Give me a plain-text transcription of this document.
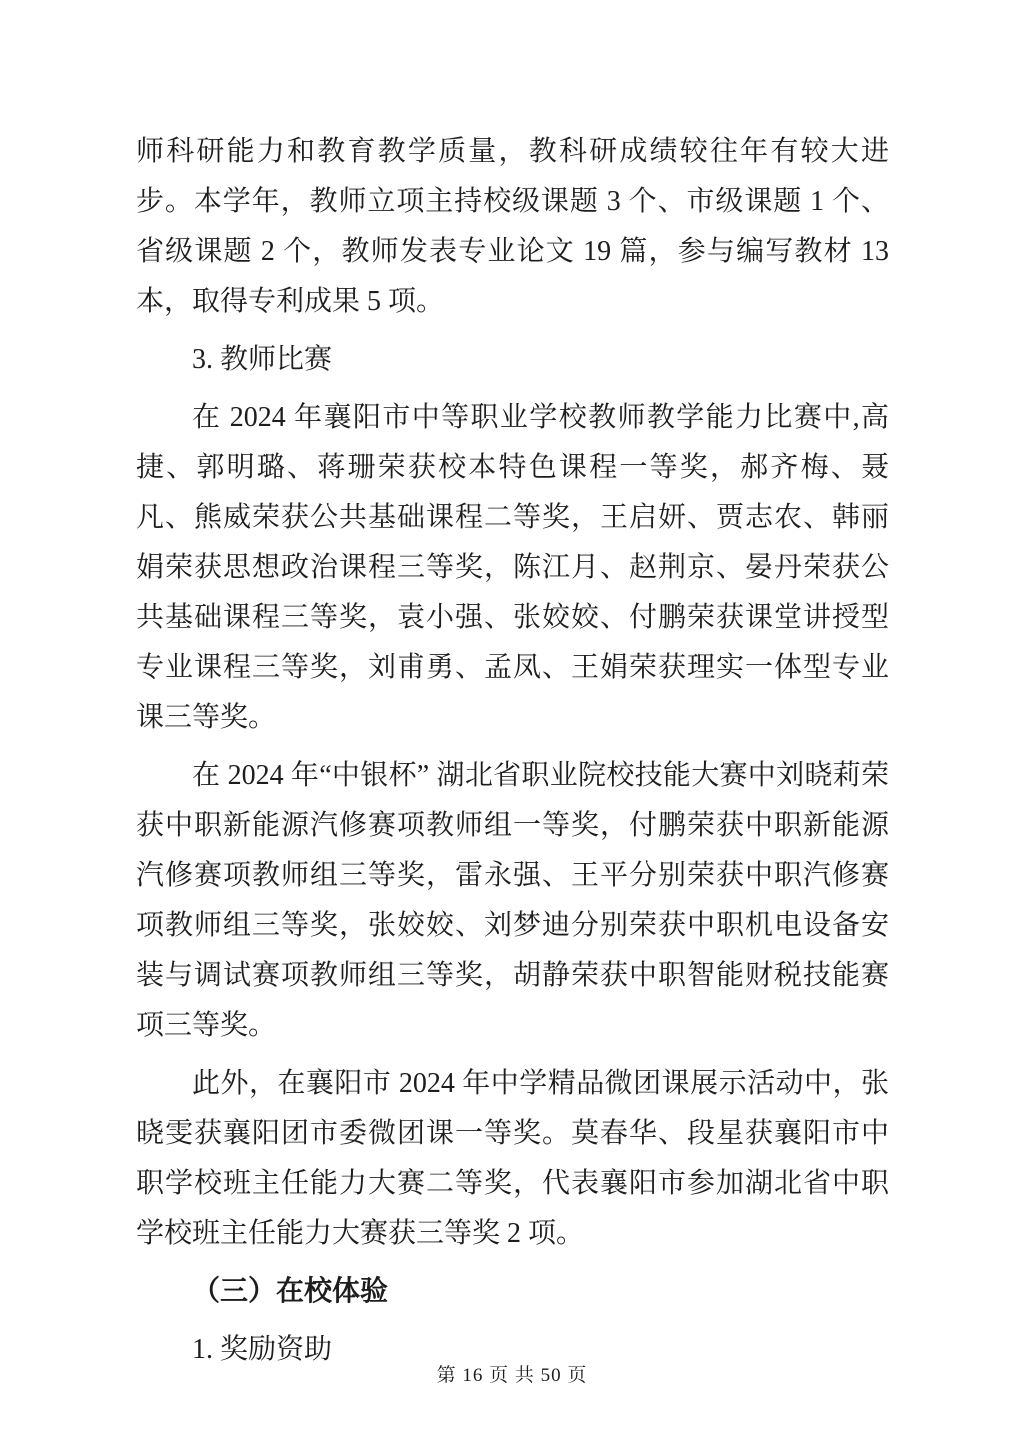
师科研能力和教育教学质量，教科研成绩较往年有较大进步。本学年，教师立项主持校级课题 3 个、市级课题 1 个、省级课题 2 个，教师发表专业论文 19 篇，参与编写教材 13 本，取得专利成果 5 项。

3. 教师比赛

在 2024 年襄阳市中等职业学校教师教学能力比赛中,高捷、郭明璐、蒋珊荣获校本特色课程一等奖，郝齐梅、聂凡、熊威荣获公共基础课程二等奖，王启妍、贾志农、韩丽娟荣获思想政治课程三等奖，陈江月、赵荆京、晏丹荣获公共基础课程三等奖，袁小强、张姣姣、付鹏荣获课堂讲授型专业课程三等奖，刘甫勇、孟凤、王娟荣获理实一体型专业课三等奖。

在 2024 年“中银杯” 湖北省职业院校技能大赛中刘晓莉荣获中职新能源汽修赛项教师组一等奖，付鹏荣获中职新能源汽修赛项教师组三等奖，雷永强、王平分别荣获中职汽修赛项教师组三等奖，张姣姣、刘梦迪分别荣获中职机电设备安装与调试赛项教师组三等奖，胡静荣获中职智能财税技能赛项三等奖。

此外，在襄阳市 2024 年中学精品微团课展示活动中，张晓雯获襄阳团市委微团课一等奖。莫春华、段星获襄阳市中职学校班主任能力大赛二等奖，代表襄阳市参加湖北省中职学校班主任能力大赛获三等奖 2 项。

（三）在校体验

1. 奖励资助

第 16 页 共 50 页
